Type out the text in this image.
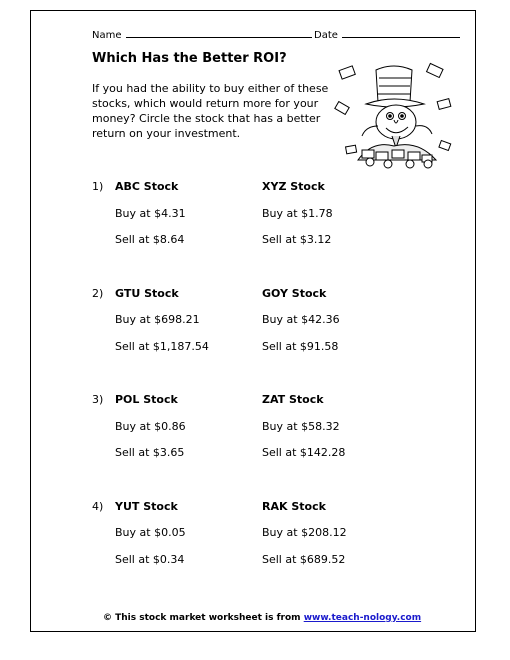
Name	Date
Which Has the Better ROI?
If you had the ability to buy either of these stocks, which would return more for your money? Circle the stock that has a better return on your investment.
1) ABC Stock	XYZ Stock
Buy at $4.31	Buy at $1.78
Sell at $8.64	Sell at $3.12
2) GTU Stock	GOY Stock
Buy at $698.21	Buy at $42.36
Sell at $1,187.54	Sell at $91.58
3) POL Stock	ZAT Stock
Buy at $0.86	Buy at $58.32
Sell at $3.65	Sell at $142.28
4) YUT Stock	RAK Stock
Buy at $0.05	Buy at $208.12
Sell at $0.34	Sell at $689.52
© This stock market worksheet is from www.teach-nology.com
